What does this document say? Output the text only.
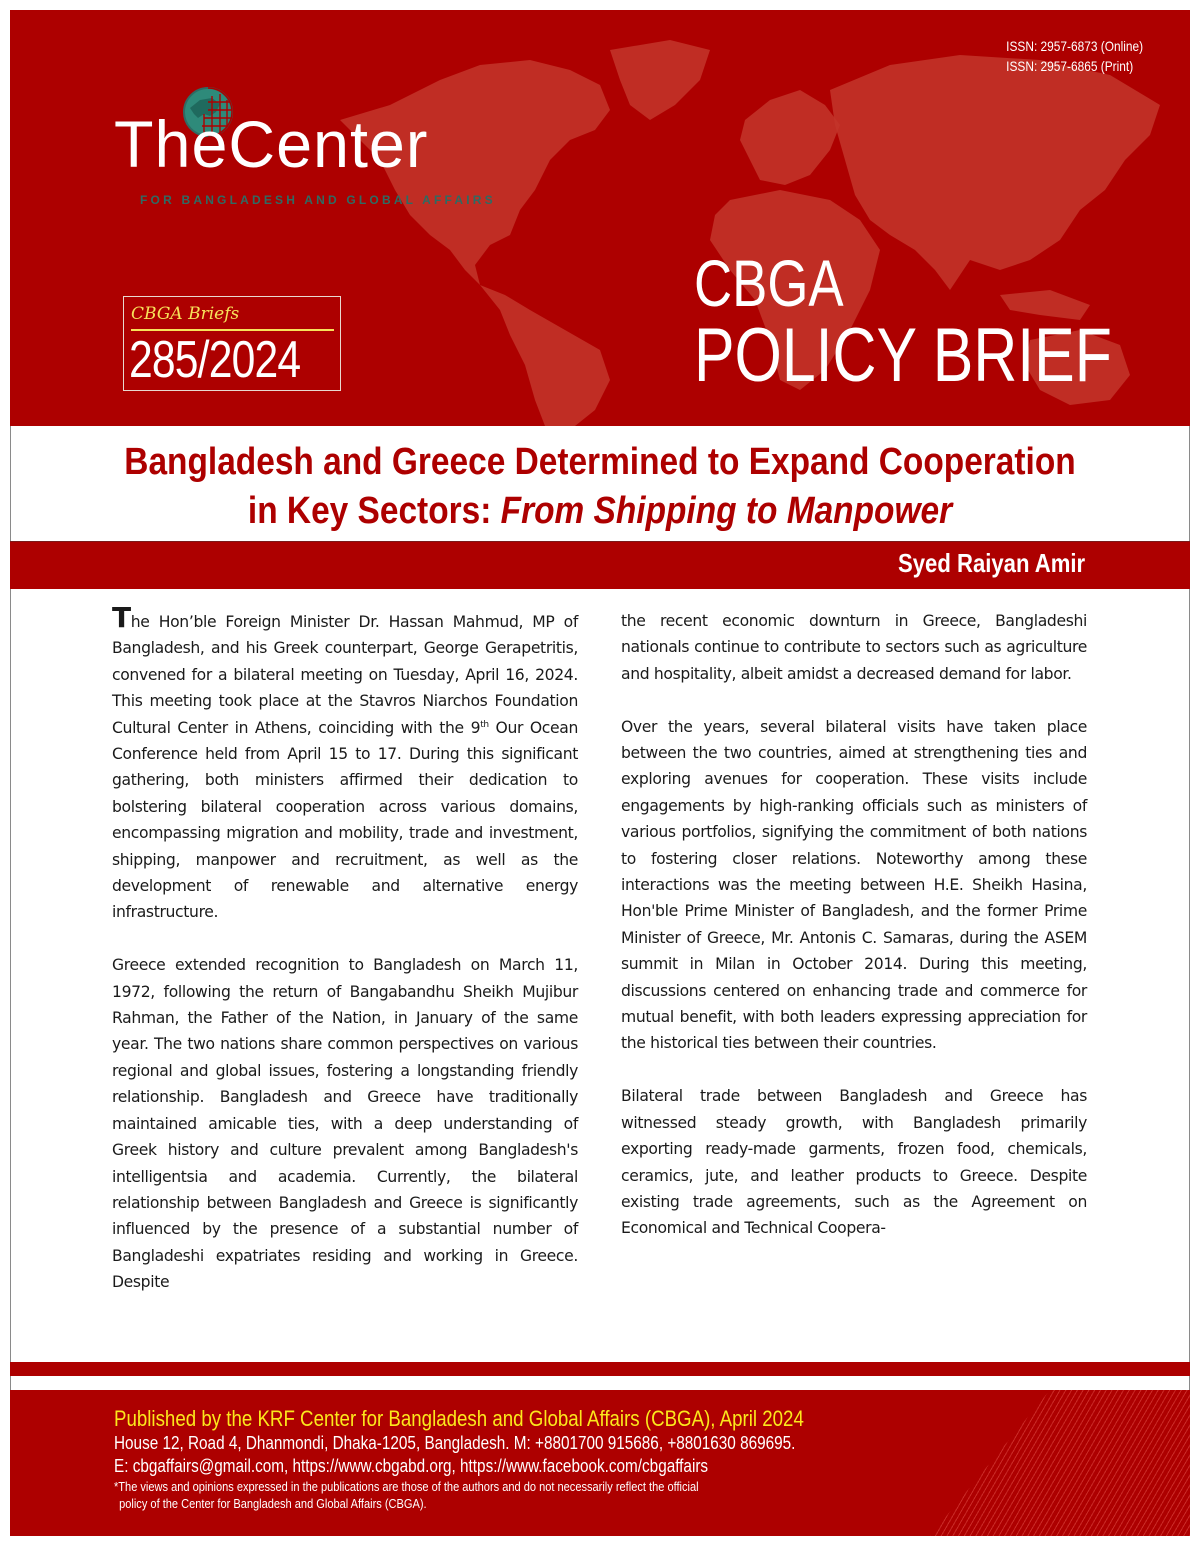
ISSN: 2957-6873 (Online)
ISSN: 2957-6865 (Print)
TheCenter
FOR BANGLADESH AND GLOBAL AFFAIRS
CBGA Briefs
285/2024
CBGA
POLICY BRIEF
Bangladesh and Greece Determined to Expand Cooperation
in Key Sectors: From Shipping to Manpower
Syed Raiyan Amir

The Hon’ble Foreign Minister Dr. Hassan Mahmud, MP of Bangladesh, and his Greek counterpart, George Gerapetritis, convened for a bilateral meeting on Tuesday, April 16, 2024. This meeting took place at the Stavros Niarchos Foundation Cultural Center in Athens, coinciding with the 9th Our Ocean Conference held from April 15 to 17. During this significant gathering, both ministers affirmed their dedication to bolstering bilateral cooperation across various domains, encompassing migration and mobility, trade and investment, shipping, manpower and recruitment, as well as the development of renewable and alternative energy infrastructure.

Greece extended recognition to Bangladesh on March 11, 1972, following the return of Bangabandhu Sheikh Mujibur Rahman, the Father of the Nation, in January of the same year. The two nations share common perspectives on various regional and global issues, fostering a longstanding friendly relationship. Bangladesh and Greece have traditionally maintained amicable ties, with a deep understanding of Greek history and culture prevalent among Bangladesh's intelligentsia and academia. Currently, the bilateral relationship between Bangladesh and Greece is significantly influenced by the presence of a substantial number of Bangladeshi expatriates residing and working in Greece. Despite

the recent economic downturn in Greece, Bangladeshi nationals continue to contribute to sectors such as agriculture and hospitality, albeit amidst a decreased demand for labor.

Over the years, several bilateral visits have taken place between the two countries, aimed at strengthening ties and exploring avenues for cooperation. These visits include engagements by high-ranking officials such as ministers of various portfolios, signifying the commitment of both nations to fostering closer relations. Noteworthy among these interactions was the meeting between H.E. Sheikh Hasina, Hon'ble Prime Minister of Bangladesh, and the former Prime Minister of Greece, Mr. Antonis C. Samaras, during the ASEM summit in Milan in October 2014. During this meeting, discussions centered on enhancing trade and commerce for mutual benefit, with both leaders expressing appreciation for the historical ties between their countries.

Bilateral trade between Bangladesh and Greece has witnessed steady growth, with Bangladesh primarily exporting ready-made garments, frozen food, chemicals, ceramics, jute, and leather products to Greece. Despite existing trade agreements, such as the Agreement on Economical and Technical Coopera-

Published by the KRF Center for Bangladesh and Global Affairs (CBGA), April 2024
House 12, Road 4, Dhanmondi, Dhaka-1205, Bangladesh. M: +8801700 915686, +8801630 869695.
E: cbgaffairs@gmail.com, https://www.cbgabd.org, https://www.facebook.com/cbgaffairs
*The views and opinions expressed in the publications are those of the authors and do not necessarily reflect the official
policy of the Center for Bangladesh and Global Affairs (CBGA).
